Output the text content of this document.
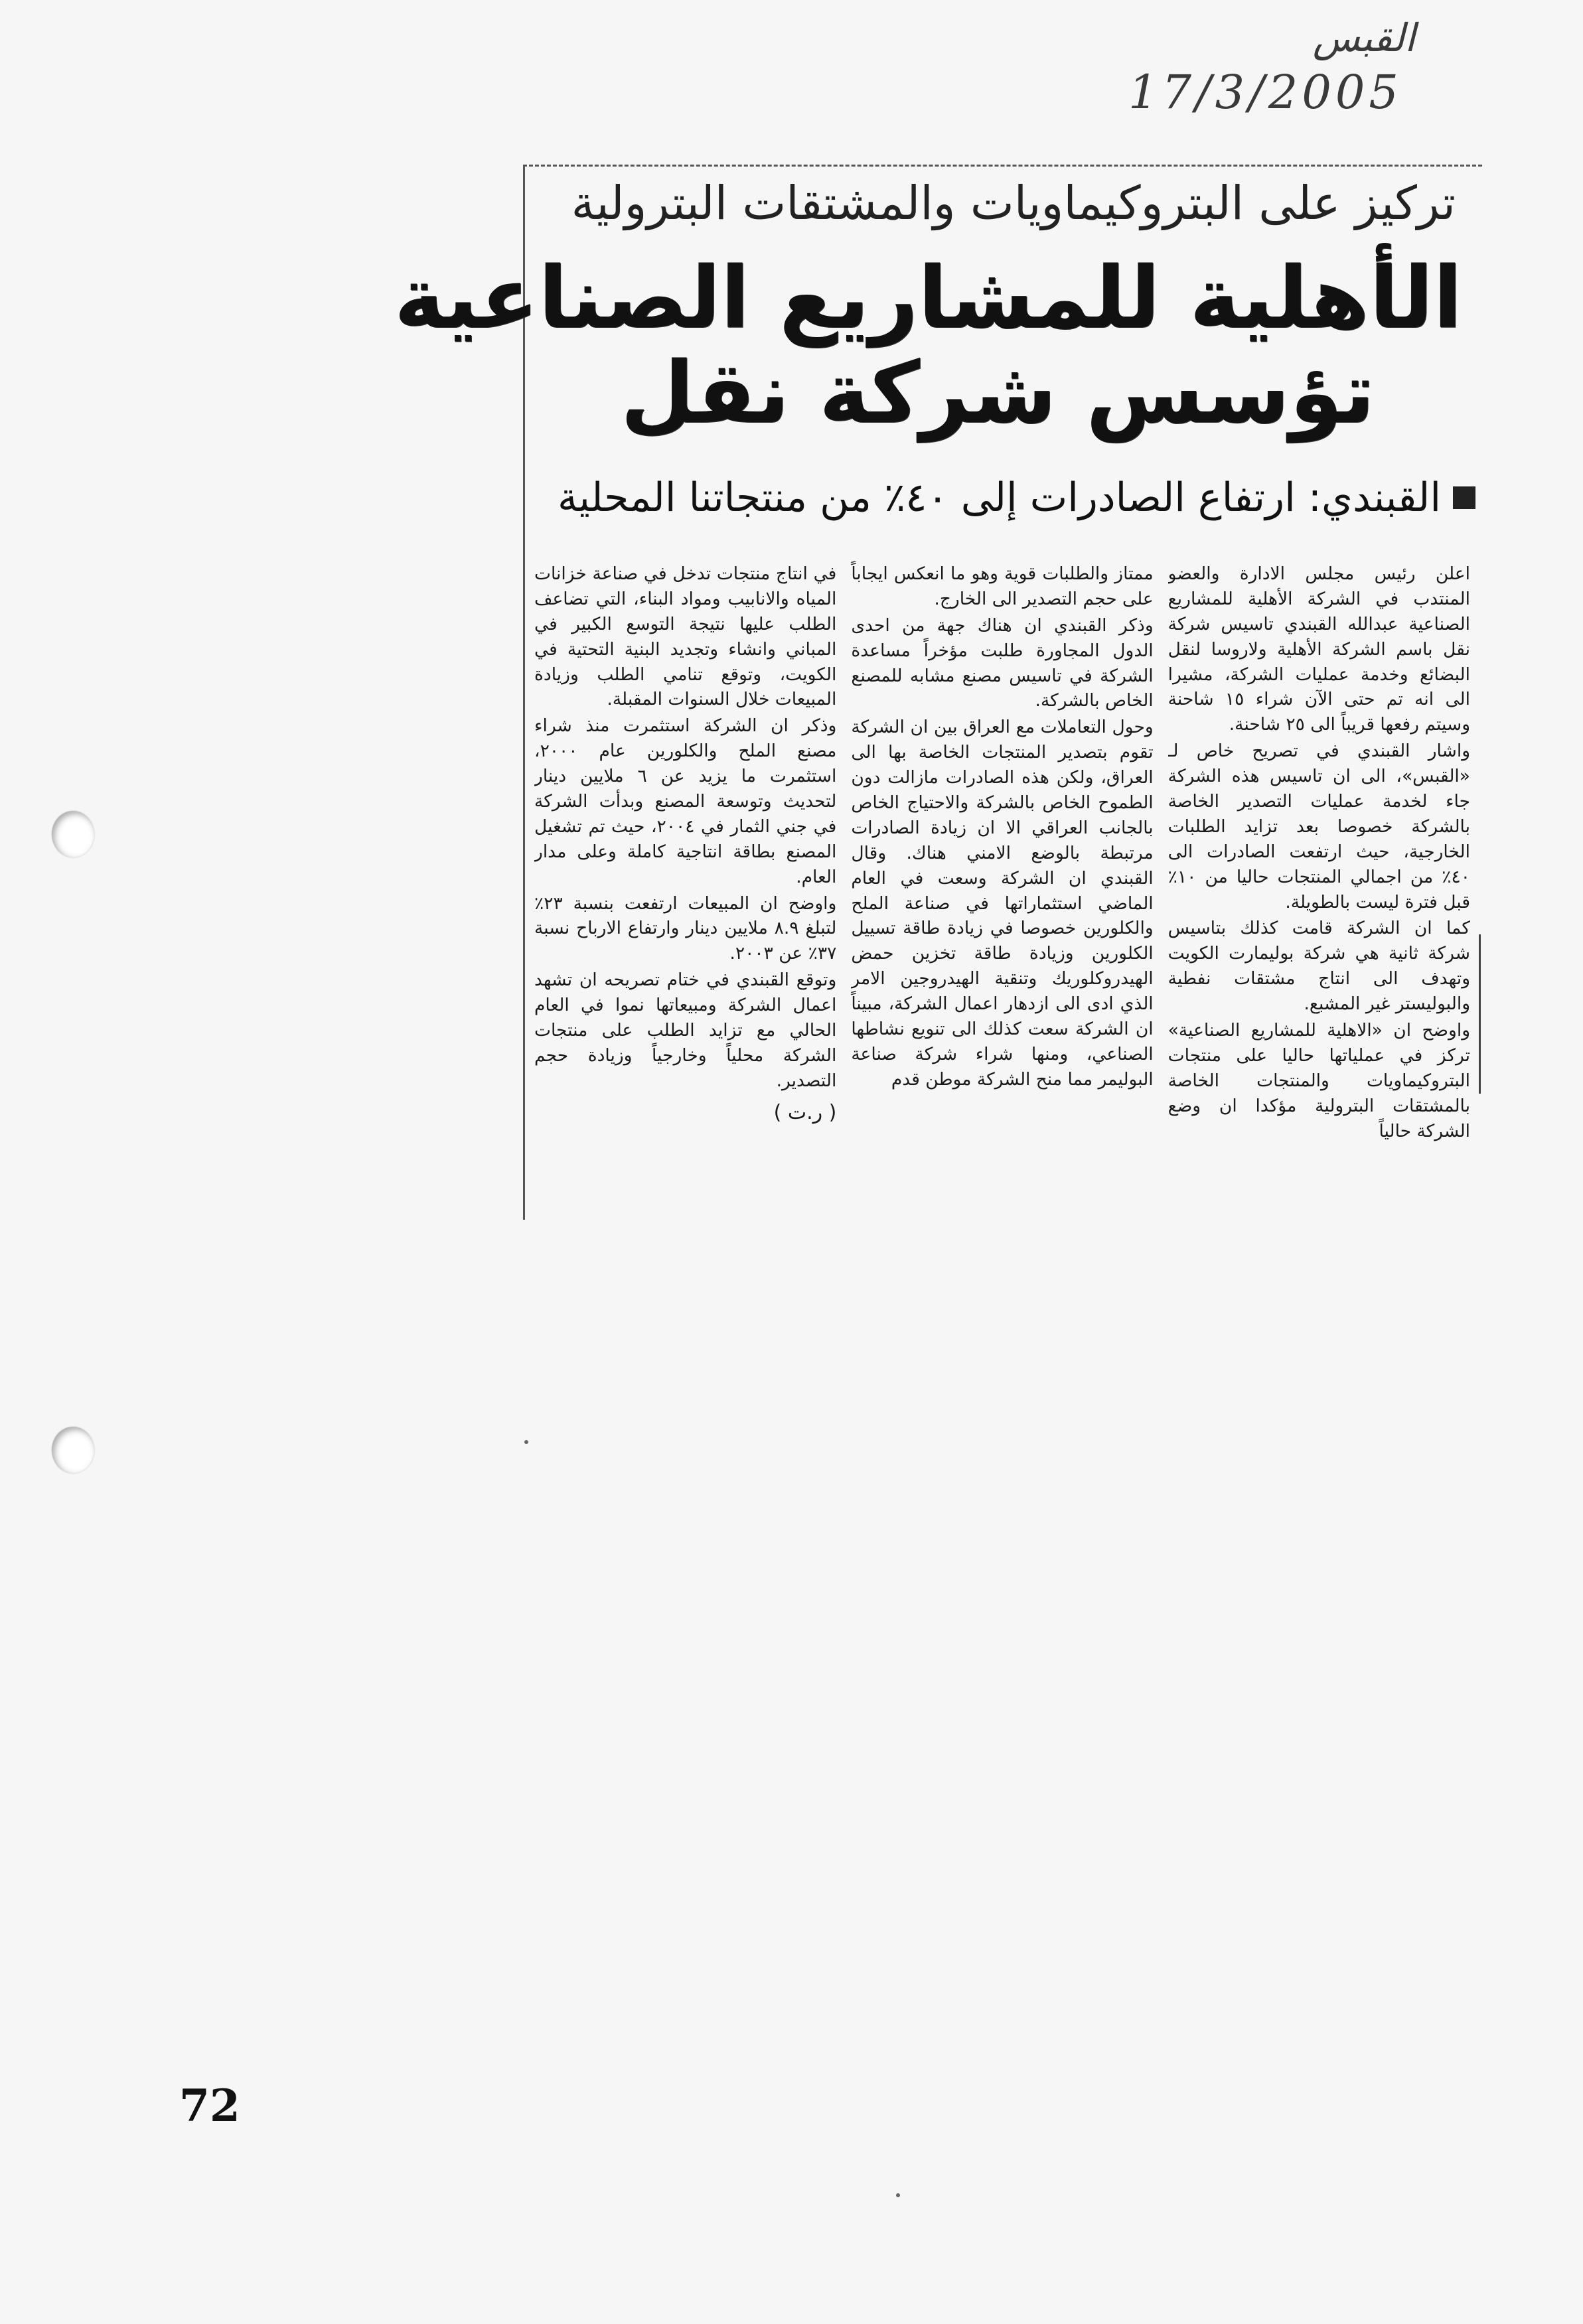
القبس
17/3/2005
تركيز على البتروكيماويات والمشتقات البترولية
الأهلية للمشاريع الصناعية
تؤسس شركة نقل
القبندي: ارتفاع الصادرات إلى ٤٠٪ من منتجاتنا المحلية

اعلن رئيس مجلس الادارة والعضو المنتدب في الشركة الأهلية للمشاريع الصناعية عبدالله القبندي تاسيس شركة نقل باسم الشركة الأهلية ولاروسا لنقل البضائع وخدمة عمليات الشركة، مشيرا الى انه تم حتى الآن شراء ١٥ شاحنة وسيتم رفعها قريباً الى ٢٥ شاحنة.

واشار القبندي في تصريح خاص لـ «القبس»، الى ان تاسيس هذه الشركة جاء لخدمة عمليات التصدير الخاصة بالشركة خصوصا بعد تزايد الطلبات الخارجية، حيث ارتفعت الصادرات الى ٤٠٪ من اجمالي المنتجات حاليا من ١٠٪ قبل فترة ليست بالطويلة.

كما ان الشركة قامت كذلك بتاسيس شركة ثانية هي شركة بوليمارت الكويت وتهدف الى انتاج مشتقات نفطية والبوليستر غير المشبع.

واوضح ان «الاهلية للمشاريع الصناعية» تركز في عملياتها حاليا على منتجات البتروكيماويات والمنتجات الخاصة بالمشتقات البترولية مؤكدا ان وضع الشركة حالياً

ممتاز والطلبات قوية وهو ما انعكس ايجاباً على حجم التصدير الى الخارج.

وذكر القبندي ان هناك جهة من احدى الدول المجاورة طلبت مؤخراً مساعدة الشركة في تاسيس مصنع مشابه للمصنع الخاص بالشركة.

وحول التعاملات مع العراق بين ان الشركة تقوم بتصدير المنتجات الخاصة بها الى العراق، ولكن هذه الصادرات مازالت دون الطموح الخاص بالشركة والاحتياج الخاص بالجانب العراقي الا ان زيادة الصادرات مرتبطة بالوضع الامني هناك. وقال القبندي ان الشركة وسعت في العام الماضي استثماراتها في صناعة الملح والكلورين خصوصا في زيادة طاقة تسييل الكلورين وزيادة طاقة تخزين حمض الهيدروكلوريك وتنقية الهيدروجين الامر الذي ادى الى ازدهار اعمال الشركة، مبيناً ان الشركة سعت كذلك الى تنويع نشاطها الصناعي، ومنها شراء شركة صناعة البوليمر مما منح الشركة موطن قدم

في انتاج منتجات تدخل في صناعة خزانات المياه والانابيب ومواد البناء، التي تضاعف الطلب عليها نتيجة التوسع الكبير في المباني وانشاء وتجديد البنية التحتية في الكويت، وتوقع تنامي الطلب وزيادة المبيعات خلال السنوات المقبلة.

وذكر ان الشركة استثمرت منذ شراء مصنع الملح والكلورين عام ٢٠٠٠، استثمرت ما يزيد عن ٦ ملايين دينار لتحديث وتوسعة المصنع وبدأت الشركة في جني الثمار في ٢٠٠٤، حيث تم تشغيل المصنع بطاقة انتاجية كاملة وعلى مدار العام.

واوضح ان المبيعات ارتفعت بنسبة ٢٣٪ لتبلغ ٨.٩ ملايين دينار وارتفاع الارباح نسبة ٣٧٪ عن ٢٠٠٣.

وتوقع القبندي في ختام تصريحه ان تشهد اعمال الشركة ومبيعاتها نموا في العام الحالي مع تزايد الطلب على منتجات الشركة محلياً وخارجياً وزيادة حجم التصدير.

( ر.ت )
72
